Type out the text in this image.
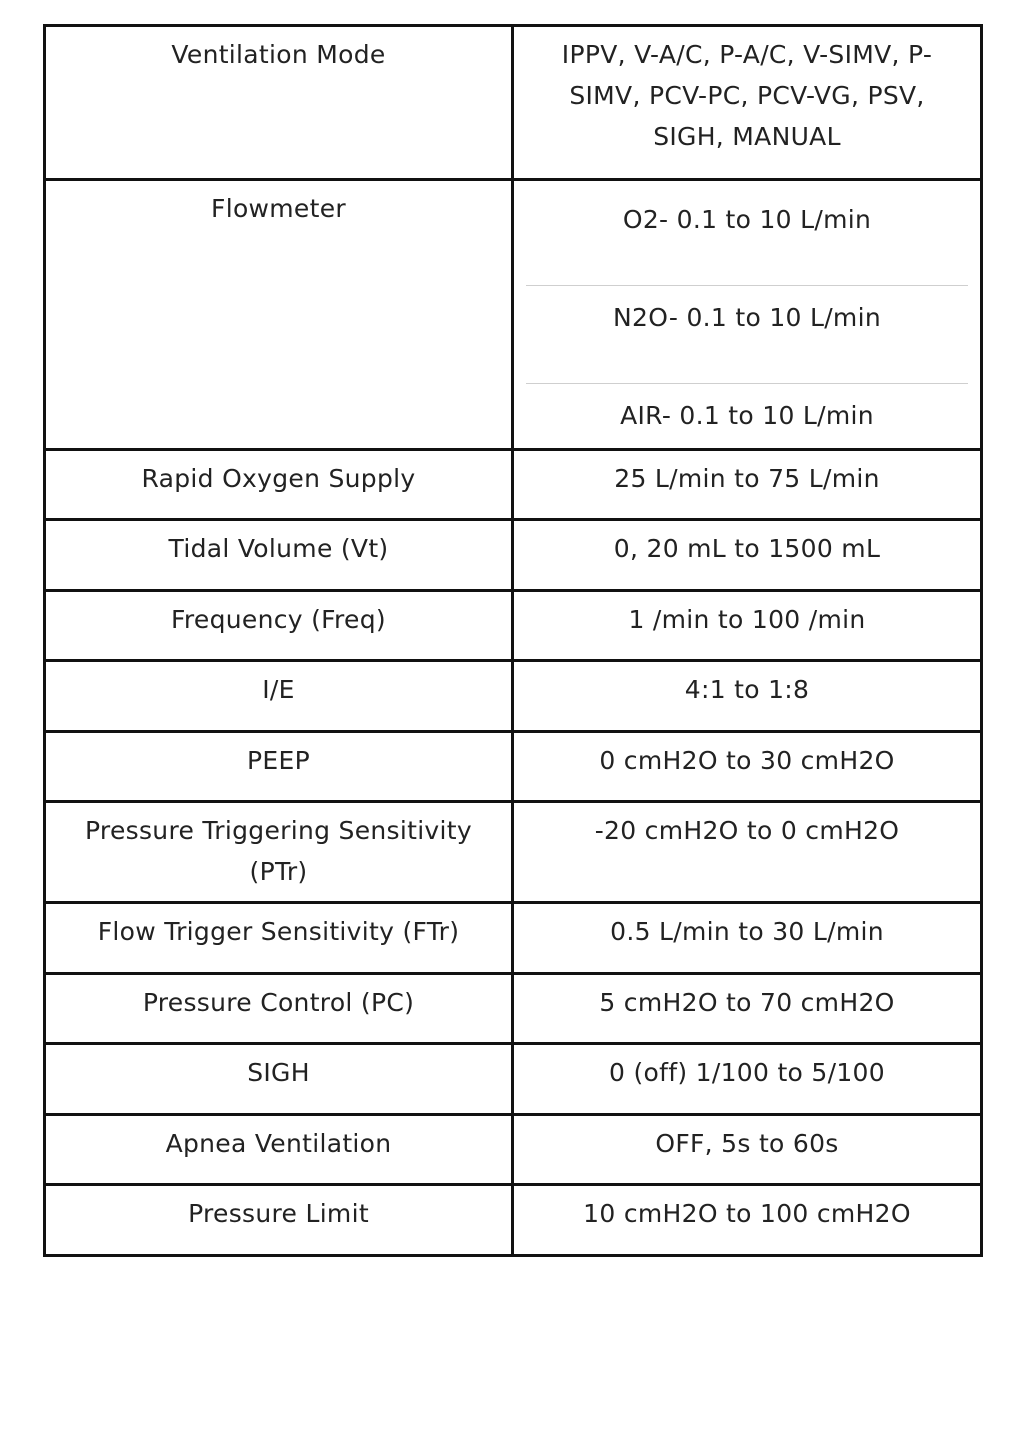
Ventilation Mode	IPPV, V-A/C, P-A/C, V-SIMV, P-SIMV, PCV-PC, PCV-VG, PSV, SIGH, MANUAL
Flowmeter	O2- 0.1 to 10 L/min
N2O- 0.1 to 10 L/min
AIR- 0.1 to 10 L/min

Rapid Oxygen Supply	25 L/min to 75 L/min
Tidal Volume (Vt)	0, 20 mL to 1500 mL
Frequency (Freq)	1 /min to 100 /min
I/E	4:1 to 1:8
PEEP	0 cmH2O to 30 cmH2O
Pressure Triggering Sensitivity (PTr)	-20 cmH2O to 0 cmH2O
Flow Trigger Sensitivity (FTr)	0.5 L/min to 30 L/min
Pressure Control (PC)	5 cmH2O to 70 cmH2O
SIGH	0 (off) 1/100 to 5/100
Apnea Ventilation	OFF, 5s to 60s
Pressure Limit	10 cmH2O to 100 cmH2O
